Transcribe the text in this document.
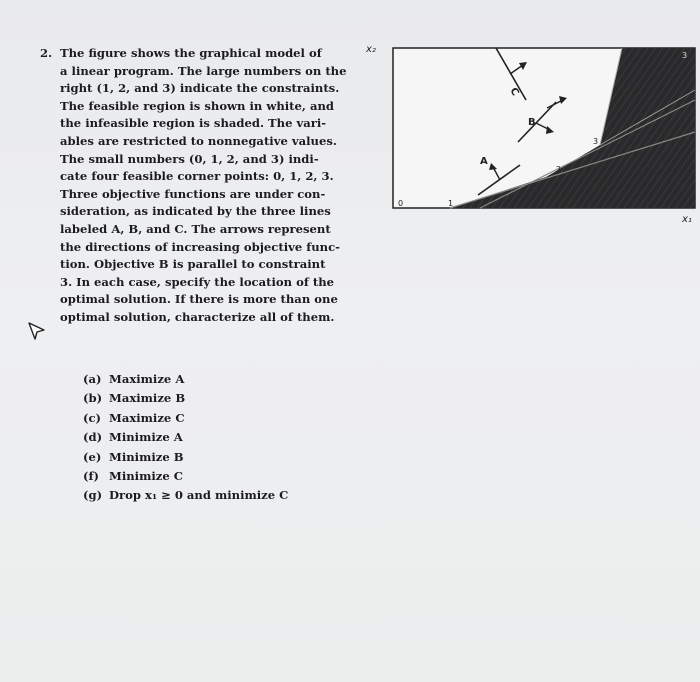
2. The figure shows the graphical model of
a linear program. The large numbers on the
right (1, 2, and 3) indicate the constraints.
The feasible region is shown in white, and
the infeasible region is shaded. The vari-
ables are restricted to nonnegative values.
The small numbers (0, 1, 2, and 3) indi-
cate four feasible corner points: 0, 1, 2, 3.
Three objective functions are under con-
sideration, as indicated by the three lines
labeled A, B, and C. The arrows represent
the directions of increasing objective func-
tion. Objective B is parallel to constraint
3. In each case, specify the location of the
optimal solution. If there is more than one
optimal solution, characterize all of them.
(a) Maximize A
(b) Maximize B
(c) Maximize C
(d) Minimize A
(e) Minimize B
(f) Minimize C
(g) Drop x₁ ≥ 0 and minimize C
x₂
x₁
0	1
2
3
A
B
C
3
